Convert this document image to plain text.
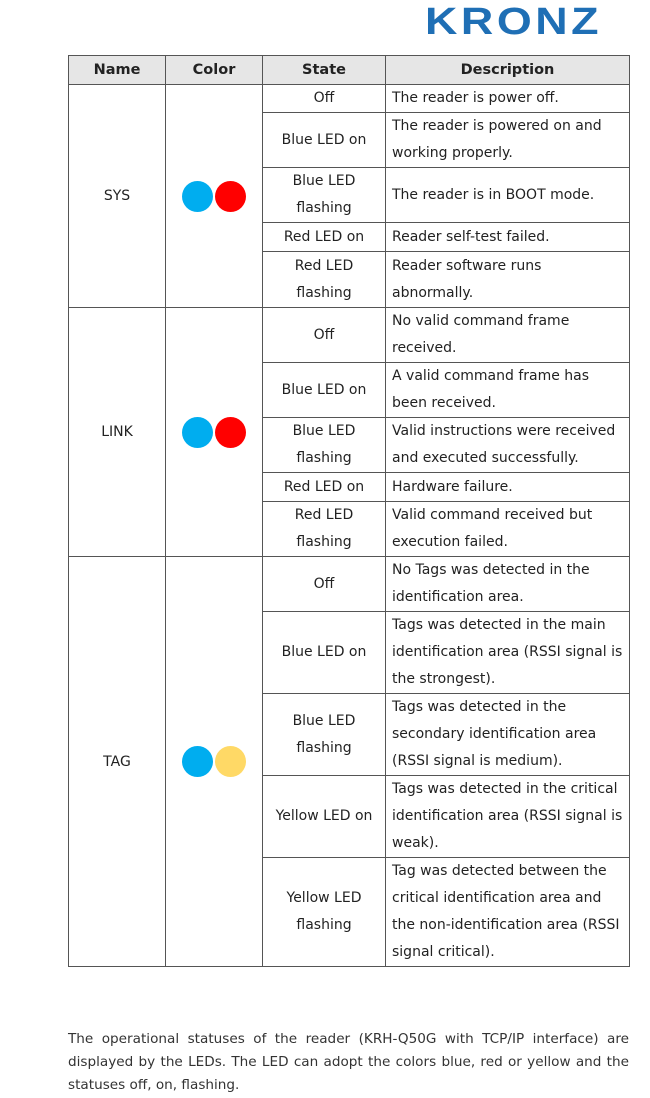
KRONZ
Name	Color	State	Description
SYS		Off	The reader is power off.
		Blue LED on	The reader is powered on and working properly.
		Blue LED flashing	The reader is in BOOT mode.
		Red LED on	Reader self-test failed.
		Red LED flashing	Reader software runs abnormally.
LINK		Off	No valid command frame received.
		Blue LED on	A valid command frame has been received.
		Blue LED flashing	Valid instructions were received and executed successfully.
		Red LED on	Hardware failure.
		Red LED flashing	Valid command received but execution failed.
TAG		Off	No Tags was detected in the identification area.
		Blue LED on	Tags was detected in the main identification area (RSSI signal is the strongest).
		Blue LED flashing	Tags was detected in the secondary identification area (RSSI signal is medium).
		Yellow LED on	Tags was detected in the critical identification area (RSSI signal is weak).
		Yellow LED flashing	Tag was detected between the critical identification area and the non-identification area (RSSI signal critical).

The operational statuses of the reader (KRH-Q50G with TCP/IP interface) are displayed by the LEDs. The LED can adopt the colors blue, red or yellow and the statuses off, on, flashing.
